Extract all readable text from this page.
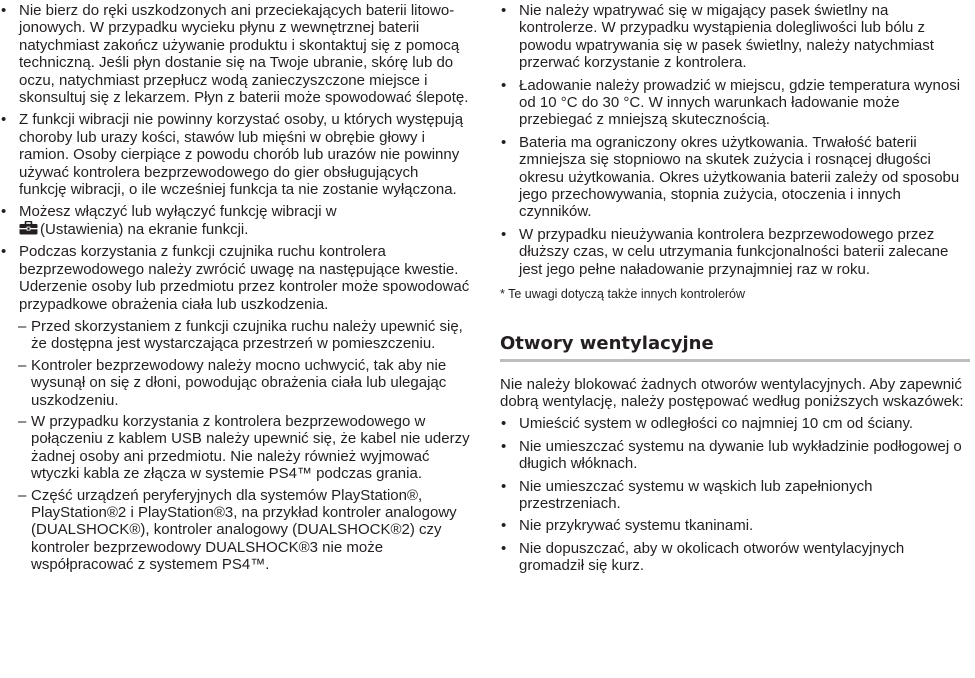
• Nie bierz do ręki uszkodzonych ani przeciekających baterii litowo-jonowych. W przypadku wycieku płynu z wewnętrznej baterii natychmiast zakończ używanie produktu i skontaktuj się z pomocą techniczną. Jeśli płyn dostanie się na Twoje ubranie, skórę lub do oczu, natychmiast przepłucz wodą zanieczyszczone miejsce i skonsultuj się z lekarzem. Płyn z baterii może spowodować ślepotę.
• Z funkcji wibracji nie powinny korzystać osoby, u których występują choroby lub urazy kości, stawów lub mięśni w obrębie głowy i ramion. Osoby cierpiące z powodu chorób lub urazów nie powinny używać kontrolera bezprzewodowego do gier obsługujących funkcję wibracji, o ile wcześniej funkcja ta nie zostanie wyłączona.
• Możesz włączyć lub wyłączyć funkcję wibracji w

(Ustawienia) na ekranie funkcji.
• Podczas korzystania z funkcji czujnika ruchu kontrolera bezprzewodowego należy zwrócić uwagę na następujące kwestie. Uderzenie osoby lub przedmiotu przez kontroler może spowodować przypadkowe obrażenia ciała lub uszkodzenia.
– Przed skorzystaniem z funkcji czujnika ruchu należy upewnić się, że dostępna jest wystarczająca przestrzeń w pomieszczeniu.
– Kontroler bezprzewodowy należy mocno uchwycić, tak aby nie wysunął on się z dłoni, powodując obrażenia ciała lub ulegając uszkodzeniu.
– W przypadku korzystania z kontrolera bezprzewodowego w połączeniu z kablem USB należy upewnić się, że kabel nie uderzy żadnej osoby ani przedmiotu. Nie należy również wyjmować wtyczki kabla ze złącza w systemie PS4™ podczas grania.
– Część urządzeń peryferyjnych dla systemów PlayStation®, PlayStation®2 i PlayStation®3, na przykład kontroler analogowy (DUALSHOCK®), kontroler analogowy (DUALSHOCK®2) czy kontroler bezprzewodowy DUALSHOCK®3 nie może współpracować z systemem PS4™.
• Nie należy wpatrywać się w migający pasek świetlny na kontrolerze. W przypadku wystąpienia dolegliwości lub bólu z powodu wpatrywania się w pasek świetlny, należy natychmiast przerwać korzystanie z kontrolera.
• Ładowanie należy prowadzić w miejscu, gdzie temperatura wynosi od 10 °C do 30 °C. W innych warunkach ładowanie może przebiegać z mniejszą skutecznością.
• Bateria ma ograniczony okres użytkowania. Trwałość baterii zmniejsza się stopniowo na skutek zużycia i rosnącej długości okresu użytkowania. Okres użytkowania baterii zależy od sposobu jego przechowywania, stopnia zużycia, otoczenia i innych czynników.
• W przypadku nieużywania kontrolera bezprzewodowego przez dłuższy czas, w celu utrzymania funkcjonalności baterii zalecane jest jego pełne naładowanie przynajmniej raz w roku.
* Te uwagi dotyczą także innych kontrolerów
Otwory wentylacyjne
Nie należy blokować żadnych otworów wentylacyjnych. Aby zapewnić dobrą wentylację, należy postępować według poniższych wskazówek:
• Umieścić system w odległości co najmniej 10 cm od ściany.
• Nie umieszczać systemu na dywanie lub wykładzinie podłogowej o długich włóknach.
• Nie umieszczać systemu w wąskich lub zapełnionych przestrzeniach.
• Nie przykrywać systemu tkaninami.
• Nie dopuszczać, aby w okolicach otworów wentylacyjnych gromadził się kurz.
